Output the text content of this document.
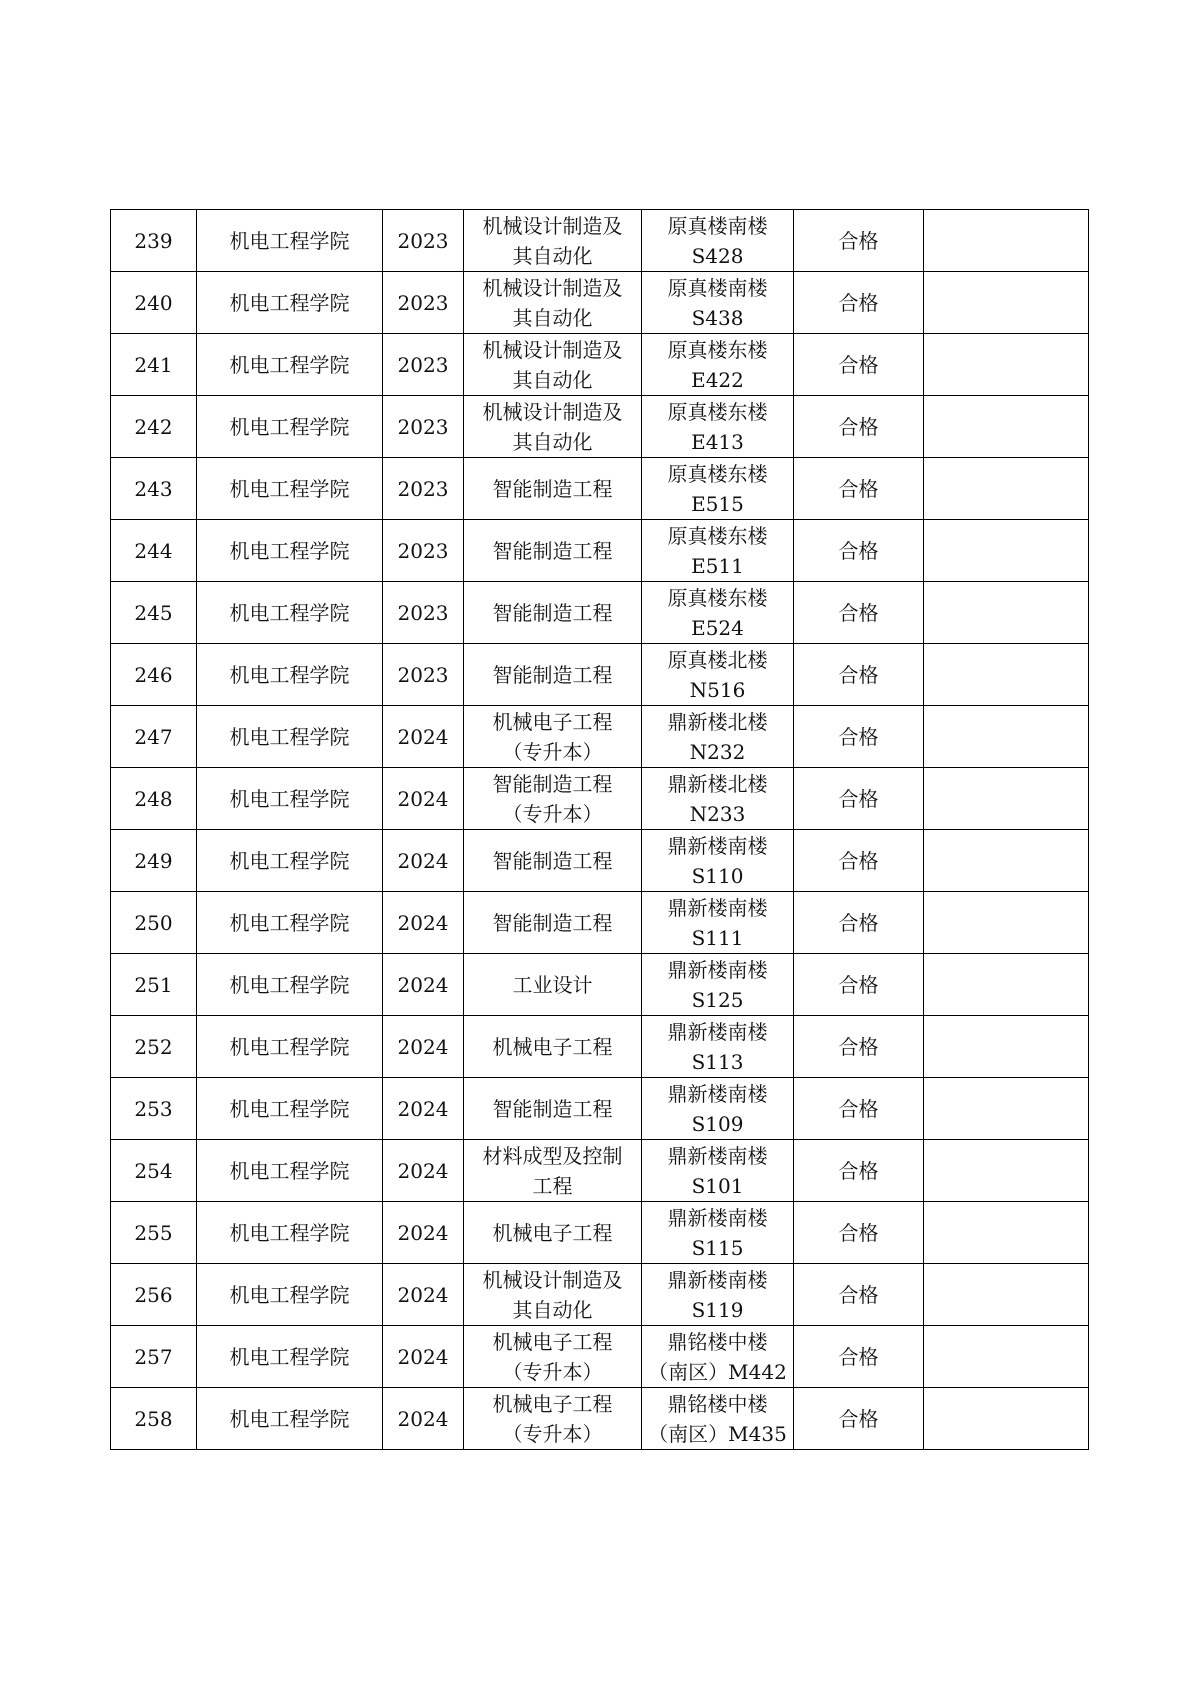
239	机电工程学院	2023	机械设计制造及
其自动化	原真楼南楼
S428	合格	
240	机电工程学院	2023	机械设计制造及
其自动化	原真楼南楼
S438	合格	
241	机电工程学院	2023	机械设计制造及
其自动化	原真楼东楼
E422	合格	
242	机电工程学院	2023	机械设计制造及
其自动化	原真楼东楼
E413	合格	
243	机电工程学院	2023	智能制造工程	原真楼东楼
E515	合格	
244	机电工程学院	2023	智能制造工程	原真楼东楼
E511	合格	
245	机电工程学院	2023	智能制造工程	原真楼东楼
E524	合格	
246	机电工程学院	2023	智能制造工程	原真楼北楼
N516	合格	
247	机电工程学院	2024	机械电子工程
（专升本）	鼎新楼北楼
N232	合格	
248	机电工程学院	2024	智能制造工程
（专升本）	鼎新楼北楼
N233	合格	
249	机电工程学院	2024	智能制造工程	鼎新楼南楼
S110	合格	
250	机电工程学院	2024	智能制造工程	鼎新楼南楼
S111	合格	
251	机电工程学院	2024	工业设计	鼎新楼南楼
S125	合格	
252	机电工程学院	2024	机械电子工程	鼎新楼南楼
S113	合格	
253	机电工程学院	2024	智能制造工程	鼎新楼南楼
S109	合格	
254	机电工程学院	2024	材料成型及控制
工程	鼎新楼南楼
S101	合格	
255	机电工程学院	2024	机械电子工程	鼎新楼南楼
S115	合格	
256	机电工程学院	2024	机械设计制造及
其自动化	鼎新楼南楼
S119	合格	
257	机电工程学院	2024	机械电子工程
（专升本）	鼎铭楼中楼
（南区）M442	合格	
258	机电工程学院	2024	机械电子工程
（专升本）	鼎铭楼中楼
（南区）M435	合格	
